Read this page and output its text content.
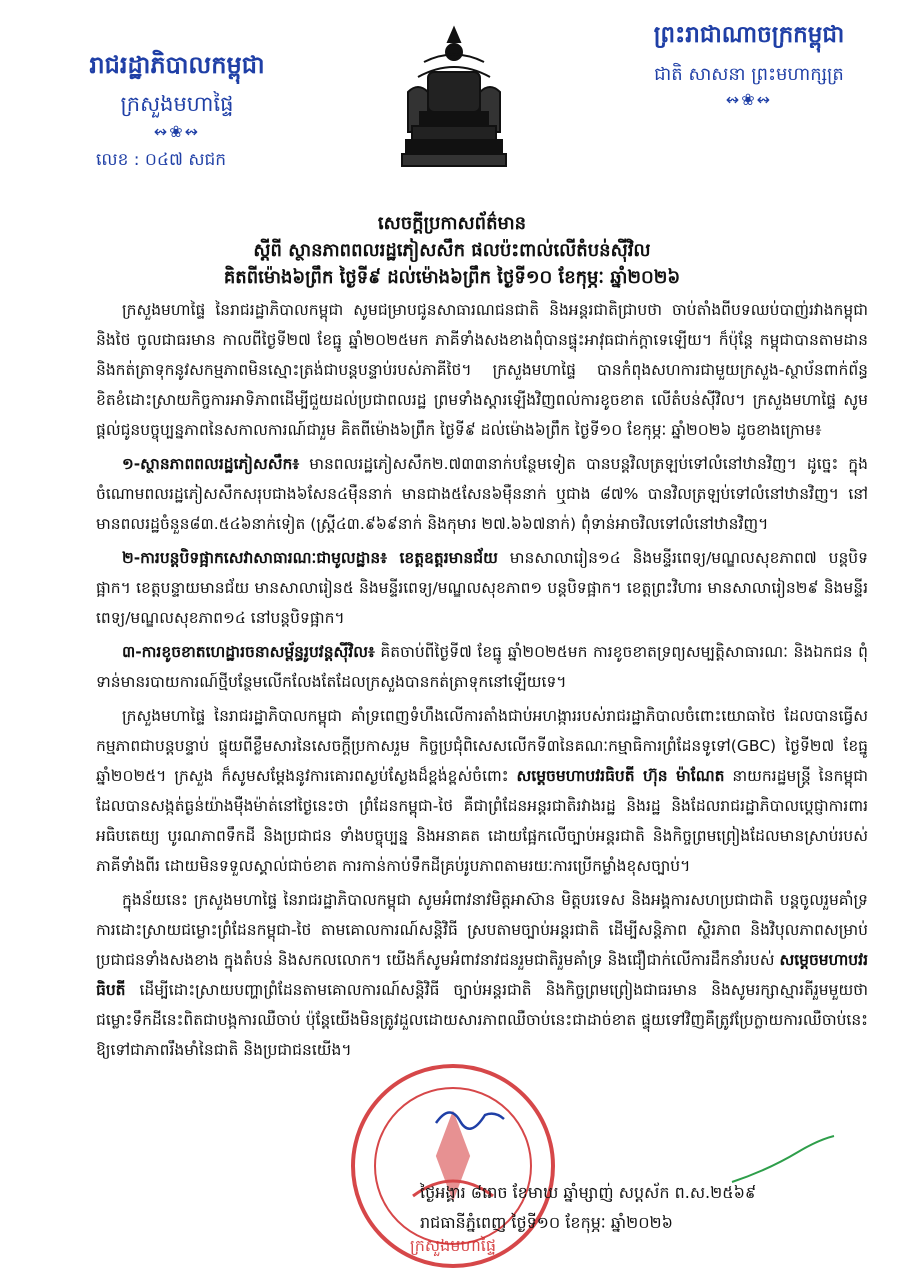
រាជរដ្ឋាភិបាលកម្ពុជា
ក្រសួងមហាផ្ទៃ
↭❀↭
លេខ : ០៤៧ សជក
ព្រះរាជាណាចក្រកម្ពុជា
ជាតិ សាសនា ព្រះមហាក្សត្រ
↭❀↭
សេចក្តីប្រកាសព័ត៌មាន
ស្តីពី ស្ថានភាពពលរដ្ឋភៀសសឹក ផលប៉ះពាល់លើតំបន់ស៊ីវិល
គិតពីម៉ោង៦ព្រឹក ថ្ងៃទី៩ ដល់ម៉ោង៦ព្រឹក ថ្ងៃទី១០ ខែកុម្ភៈ ឆ្នាំ២០២៦

ក្រសួងមហាផ្ទៃ នៃរាជរដ្ឋាភិបាលកម្ពុជា សូមជម្រាបជូនសាធារណជនជាតិ និងអន្តរជាតិជ្រាបថា ចាប់តាំងពីបទឈប់បាញ់រវាងកម្ពុជា និងថៃ ចូលជាធរមាន កាលពីថ្ងៃទី២៧ ខែធ្នូ ឆ្នាំ២០២៥មក ភាគីទាំងសងខាងពុំបានផ្ទុះអាវុធជាក់ក្តាទេឡើយ។ ក៏ប៉ុន្តែ កម្ពុជាបានតាមដាន និងកត់ត្រាទុកនូវសកម្មភាពមិនស្មោះត្រង់ជាបន្តបន្ទាប់របស់ភាគីថៃ។ ក្រសួងមហាផ្ទៃ បានកំពុងសហការជាមួយក្រសួង-ស្ថាប័នពាក់ព័ន្ធ ខិតខំដោះស្រាយកិច្ចការអាទិភាពដើម្បីជួយដល់ប្រជាពលរដ្ឋ ព្រមទាំងស្តារឡើងវិញពល់ការខូចខាត លើតំបន់ស៊ីវិល។ ក្រសួងមហាផ្ទៃ សូមផ្តល់ជូនបច្ចុប្បន្នភាពនៃសកាលការណ៍ជារួម គិតពីម៉ោង៦ព្រឹក ថ្ងៃទី៩ ដល់ម៉ោង៦ព្រឹក ថ្ងៃទី១០ ខែកុម្ភៈ ឆ្នាំ២០២៦ ដូចខាងក្រោម៖

១-ស្ថានភាពពលរដ្ឋភៀសសឹក៖ មានពលរដ្ឋភៀសសឹក២.៧៣៣នាក់បន្ថែមទៀត បានបន្តវិលត្រឡប់ទៅលំនៅឋានវិញ។ ដូច្នេះ ក្នុងចំណោមពលរដ្ឋភៀសសឹកសរុបជាង៦សែន៤ម៉ឺននាក់ មានជាង៥សែន៦ម៉ឺននាក់ ឬជាង ៨៧% បានវិលត្រឡប់ទៅលំនៅឋានវិញ។ នៅមានពលរដ្ឋចំនួន៨៣.៥៤៦នាក់ទៀត (ស្ត្រី៤៣.៩៦៩នាក់ និងកុមារ ២៧.៦៦៧នាក់) ពុំទាន់អាចវិលទៅលំនៅឋានវិញ។

២-ការបន្តបិទផ្អាកសេវាសាធារណៈជាមូលដ្ឋាន៖ ខេត្តឧត្តរមានជ័យ មានសាលារៀន១៤ និងមន្ទីរពេទ្យ/មណ្ឌលសុខភាព៧ បន្តបិទផ្អាក។ ខេត្តបន្ទាយមានជ័យ មានសាលារៀន៥ និងមន្ទីរពេទ្យ/មណ្ឌលសុខភាព១ បន្តបិទផ្អាក។ ខេត្តព្រះវិហារ មានសាលារៀន២៩ និងមន្ទីរពេទ្យ/មណ្ឌលសុខភាព១៤ នៅបន្តបិទផ្អាក។

៣-ការខូចខាតហេដ្ឋារចនាសម្ព័ន្ធរូបវន្តស៊ីវិល៖ គិតចាប់ពីថ្ងៃទី៧ ខែធ្នូ ឆ្នាំ២០២៥មក ការខូចខាតទ្រព្យសម្បត្តិសាធារណៈ និងឯកជន ពុំទាន់មានរបាយការណ៍ថ្មីបន្ថែមលើកលែងតែដែលក្រសួងបានកត់ត្រាទុកនៅឡើយទេ។

ក្រសួងមហាផ្ទៃ នៃរាជរដ្ឋាភិបាលកម្ពុជា គាំទ្រពេញទំហឹងលើការតាំងជាប់អហង្ការរបស់រាជរដ្ឋាភិបាលចំពោះយោធាថៃ ដែលបានធ្វើសកម្មភាពជាបន្តបន្ទាប់ ផ្ទុយពីខ្លឹមសារនៃសេចក្តីប្រកាសរួម កិច្ចប្រជុំពិសេសលើកទី៣នៃគណៈកម្មាធិការព្រំដែនទូទៅ(GBC) ថ្ងៃទី២៧ ខែធ្នូ ឆ្នាំ២០២៥។ ក្រសួង ក៏សូមសម្តែងនូវការគោរពស្ងប់ស្ងែងដ៏ខ្ពង់ខ្ពស់ចំពោះ សម្តេចមហាបវរធិបតី ហ៊ុន ម៉ាណែត នាយករដ្ឋមន្ត្រី នៃកម្ពុជា ដែលបានសង្កត់ធ្ងន់យ៉ាងម៉ឺងម៉ាត់នៅថ្ងៃនេះថា ព្រំដែនកម្ពុជា-ថៃ គឺជាព្រំដែនអន្តរជាតិរវាងរដ្ឋ និងរដ្ឋ និងដែលរាជរដ្ឋាភិបាលប្តេជ្ញាការពារអធិបតេយ្យ បូរណភាពទឹកដី និងប្រជាជន ទាំងបច្ចុប្បន្ន និងអនាគត ដោយផ្អែកលើច្បាប់អន្តរជាតិ និងកិច្ចព្រមព្រៀងដែលមានស្រាប់របស់ភាគីទាំងពីរ ដោយមិនទទួលស្គាល់ជាច់ខាត ការកាន់កាប់ទឹកដីគ្រប់រូបភាពតាមរយៈការប្រើកម្លាំងខុសច្បាប់។

ក្នុងន័យនេះ ក្រសួងមហាផ្ទៃ នៃរាជរដ្ឋាភិបាលកម្ពុជា សូមអំពាវនាវមិត្តអាស៊ាន មិត្តបរទេស និងអង្គការសហប្រជាជាតិ បន្តចូលរួមគាំទ្រការដោះស្រាយជម្លោះព្រំដែនកម្ពុជា-ថៃ តាមគោលការណ៍សន្តិវិធី ស្របតាមច្បាប់អន្តរជាតិ ដើម្បីសន្តិភាព ស្ថិរភាព និងវិបុលភាពសម្រាប់ប្រជាជនទាំងសងខាង ក្នុងតំបន់ និងសកលលោក។ យើងក៏សូមអំពាវនាវជនរួមជាតិរួមគាំទ្រ និងជឿជាក់លើការដឹកនាំរបស់ សម្តេចមហាបវរធិបតី ដើម្បីដោះស្រាយបញ្ហាព្រំដែនតាមគោលការណ៍សន្តិវិធី ច្បាប់អន្តរជាតិ និងកិច្ចព្រមព្រៀងជាធរមាន និងសូមរក្សាស្មារតីរួមមួយថា ជម្លោះទឹកដីនេះពិតជាបង្កការឈឺចាប់ ប៉ុន្តែយើងមិនត្រូវដួលដោយសារភាពឈឺចាប់នេះជាដាច់ខាត ផ្ទុយទៅវិញគឺត្រូវប្រែក្លាយការឈឺចាប់នេះឱ្យទៅជាភាពរឹងមាំនៃជាតិ និងប្រជាជនយើង។

ក្រសួងមហាផ្ទៃ
ថ្ងៃអង្គារ ៨រោច ខែមាឃ ឆ្នាំម្សាញ់ សប្តស័ក ព.ស.២៥៦៩
រាជធានីភ្នំពេញ ថ្ងៃទី១០ ខែកុម្ភៈ ឆ្នាំ២០២៦
